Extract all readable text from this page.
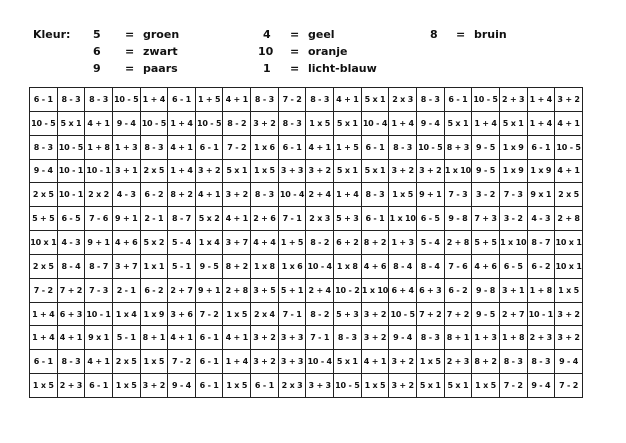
Kleur: 5 = groen
6 = zwart
9 = paars
4 = geel
10 = oranje
1 = licht-blauw
8 = bruin
6 - 1	8 - 3	8 - 3	10 - 5	1 + 4	6 - 1	1 + 5	4 + 1	8 - 3	7 - 2	8 - 3	4 + 1	5 x 1	2 x 3	8 - 3	6 - 1	10 - 5	2 + 3	1 + 4	3 + 2
10 - 5	5 x 1	4 + 1	9 - 4	10 - 5	1 + 4	10 - 5	8 - 2	3 + 2	8 - 3	1 x 5	5 x 1	10 - 4	1 + 4	9 - 4	5 x 1	1 + 4	5 x 1	1 + 4	4 + 1
8 - 3	10 - 5	1 + 8	1 + 3	8 - 3	4 + 1	6 - 1	7 - 2	1 x 6	6 - 1	4 + 1	1 + 5	6 - 1	8 - 3	10 - 5	8 + 3	9 - 5	1 x 9	6 - 1	10 - 5
9 - 4	10 - 1	10 - 1	3 + 1	2 x 5	1 + 4	3 + 2	5 x 1	1 x 5	3 + 3	3 + 2	5 x 1	5 x 1	3 + 2	3 + 2	1 x 10	9 - 5	1 x 9	1 x 9	4 + 1
2 x 5	10 - 1	2 x 2	4 - 3	6 - 2	8 + 2	4 + 1	3 + 2	8 - 3	10 - 4	2 + 4	1 + 4	8 - 3	1 x 5	9 + 1	7 - 3	3 - 2	7 - 3	9 x 1	2 x 5
5 + 5	6 - 5	7 - 6	9 + 1	2 - 1	8 - 7	5 x 2	4 + 1	2 + 6	7 - 1	2 x 3	5 + 3	6 - 1	1 x 10	6 - 5	9 - 8	7 + 3	3 - 2	4 - 3	2 + 8
10 x 1	4 - 3	9 + 1	4 + 6	5 x 2	5 - 4	1 x 4	3 + 7	4 + 4	1 + 5	8 - 2	6 + 2	8 + 2	1 + 3	5 - 4	2 + 8	5 + 5	1 x 10	8 - 7	10 x 1
2 x 5	8 - 4	8 - 7	3 + 7	1 x 1	5 - 1	9 - 5	8 + 2	1 x 8	1 x 6	10 - 4	1 x 8	4 + 6	8 - 4	8 - 4	7 - 6	4 + 6	6 - 5	6 - 2	10 x 1
7 - 2	7 + 2	7 - 3	2 - 1	6 - 2	2 + 7	9 + 1	2 + 8	3 + 5	5 + 1	2 + 4	10 - 2	1 x 10	6 + 4	6 + 3	6 - 2	9 - 8	3 + 1	1 + 8	1 x 5
1 + 4	6 + 3	10 - 1	1 x 4	1 x 9	3 + 6	7 - 2	1 x 5	2 x 4	7 - 1	8 - 2	5 + 3	3 + 2	10 - 5	7 + 2	7 + 2	9 - 5	2 + 7	10 - 1	3 + 2
1 + 4	4 + 1	9 x 1	5 - 1	8 + 1	4 + 1	6 - 1	4 + 1	3 + 2	3 + 3	7 - 1	8 - 3	3 + 2	9 - 4	8 - 3	8 + 1	1 + 3	1 + 8	2 + 3	3 + 2
6 - 1	8 - 3	4 + 1	2 x 5	1 x 5	7 - 2	6 - 1	1 + 4	3 + 2	3 + 3	10 - 4	5 x 1	4 + 1	3 + 2	1 x 5	2 + 3	8 + 2	8 - 3	8 - 3	9 - 4
1 x 5	2 + 3	6 - 1	1 x 5	3 + 2	9 - 4	6 - 1	1 x 5	6 - 1	2 x 3	3 + 3	10 - 5	1 x 5	3 + 2	5 x 1	5 x 1	1 x 5	7 - 2	9 - 4	7 - 2
